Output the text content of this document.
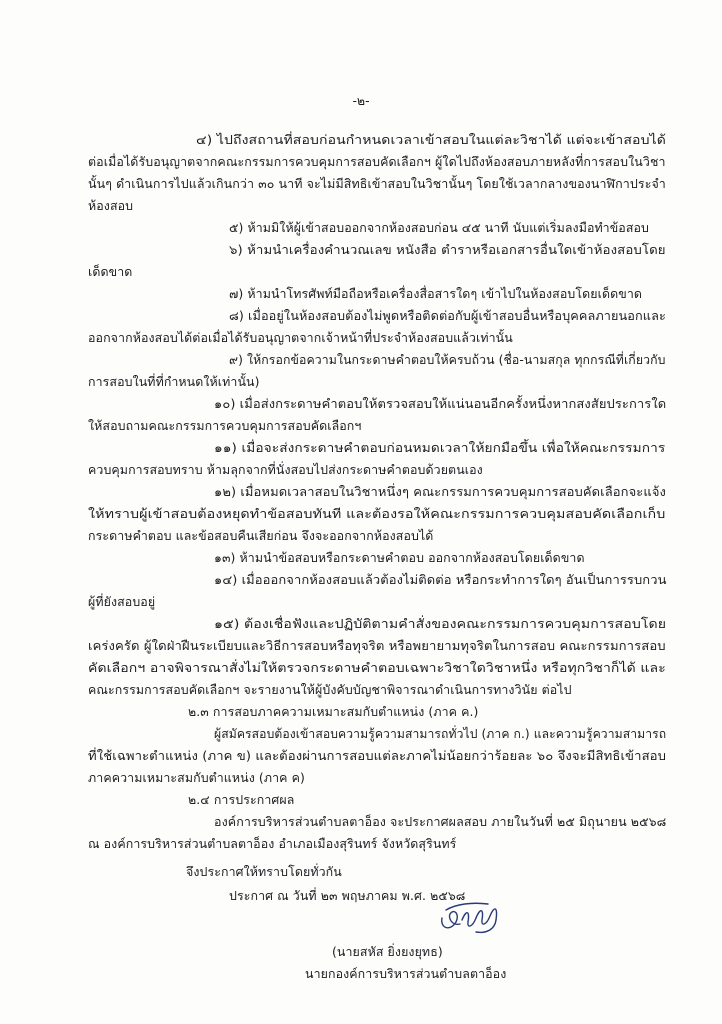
-๒-
๔) ไปถึงสถานที่สอบก่อนกำหนดเวลาเข้าสอบในแต่ละวิชาได้ แต่จะเข้าสอบได้
ต่อเมื่อได้รับอนุญาตจากคณะกรรมการควบคุมการสอบคัดเลือกฯ ผู้ใดไปถึงห้องสอบภายหลังที่การสอบในวิชา
นั้นๆ ดำเนินการไปแล้วเกินกว่า ๓๐ นาที จะไม่มีสิทธิเข้าสอบในวิชานั้นๆ โดยใช้เวลากลางของนาฬิกาประจำ
ห้องสอบ
๕) ห้ามมิให้ผู้เข้าสอบออกจากห้องสอบก่อน ๔๕ นาที นับแต่เริ่มลงมือทำข้อสอบ
๖) ห้ามนำเครื่องคำนวณเลข หนังสือ ตำราหรือเอกสารอื่นใดเข้าห้องสอบโดย
เด็ดขาด
๗) ห้ามนำโทรศัพท์มือถือหรือเครื่องสื่อสารใดๆ เข้าไปในห้องสอบโดยเด็ดขาด
๘) เมื่ออยู่ในห้องสอบต้องไม่พูดหรือติดต่อกับผู้เข้าสอบอื่นหรือบุคคลภายนอกและ
ออกจากห้องสอบได้ต่อเมื่อได้รับอนุญาตจากเจ้าหน้าที่ประจำห้องสอบแล้วเท่านั้น
๙) ให้กรอกข้อความในกระดาษคำตอบให้ครบถ้วน (ชื่อ-นามสกุล ทุกกรณีที่เกี่ยวกับ
การสอบในที่ที่กำหนดให้เท่านั้น)
๑๐) เมื่อส่งกระดาษคำตอบให้ตรวจสอบให้แน่นอนอีกครั้งหนึ่งหากสงสัยประการใด
ให้สอบถามคณะกรรมการควบคุมการสอบคัดเลือกฯ
๑๑) เมื่อจะส่งกระดาษคำตอบก่อนหมดเวลาให้ยกมือขึ้น เพื่อให้คณะกรรมการ
ควบคุมการสอบทราบ ห้ามลุกจากที่นั่งสอบไปส่งกระดาษคำตอบด้วยตนเอง
๑๒) เมื่อหมดเวลาสอบในวิชาหนึ่งๆ คณะกรรมการควบคุมการสอบคัดเลือกจะแจ้ง
ให้ทราบผู้เข้าสอบต้องหยุดทำข้อสอบทันที และต้องรอให้คณะกรรมการควบคุมสอบคัดเลือกเก็บ
กระดาษคำตอบ และข้อสอบคืนเสียก่อน จึงจะออกจากห้องสอบได้
๑๓) ห้ามนำข้อสอบหรือกระดาษคำตอบ ออกจากห้องสอบโดยเด็ดขาด
๑๔) เมื่อออกจากห้องสอบแล้วต้องไม่ติดต่อ หรือกระทำการใดๆ อันเป็นการรบกวน
ผู้ที่ยังสอบอยู่
๑๕) ต้องเชื่อฟังและปฏิบัติตามคำสั่งของคณะกรรมการควบคุมการสอบโดย
เคร่งครัด ผู้ใดฝ่าฝืนระเบียบและวิธีการสอบหรือทุจริต หรือพยายามทุจริตในการสอบ คณะกรรมการสอบ
คัดเลือกฯ อาจพิจารณาสั่งไม่ให้ตรวจกระดาษคำตอบเฉพาะวิชาใดวิชาหนึ่ง หรือทุกวิชาก็ได้ และ
คณะกรรมการสอบคัดเลือกฯ จะรายงานให้ผู้บังคับบัญชาพิจารณาดำเนินการทางวินัย ต่อไป
๒.๓ การสอบภาคความเหมาะสมกับตำแหน่ง (ภาค ค.)
ผู้สมัครสอบต้องเข้าสอบความรู้ความสามารถทั่วไป (ภาค ก.) และความรู้ความสามารถ
ที่ใช้เฉพาะตำแหน่ง (ภาค ข) และต้องผ่านการสอบแต่ละภาคไม่น้อยกว่าร้อยละ ๖๐ จึงจะมีสิทธิเข้าสอบ
ภาคความเหมาะสมกับตำแหน่ง (ภาค ค)
๒.๔ การประกาศผล
องค์การบริหารส่วนตำบลตาอ็อง จะประกาศผลสอบ ภายในวันที่ ๒๕ มิถุนายน ๒๕๖๘
ณ องค์การบริหารส่วนตำบลตาอ็อง อำเภอเมืองสุรินทร์ จังหวัดสุรินทร์
จึงประกาศให้ทราบโดยทั่วกัน
ประกาศ ณ วันที่ ๒๓ พฤษภาคม พ.ศ. ๒๕๖๘
(นายสหัส ยิ่งยงยุทธ)
นายกองค์การบริหารส่วนตำบลตาอ็อง
